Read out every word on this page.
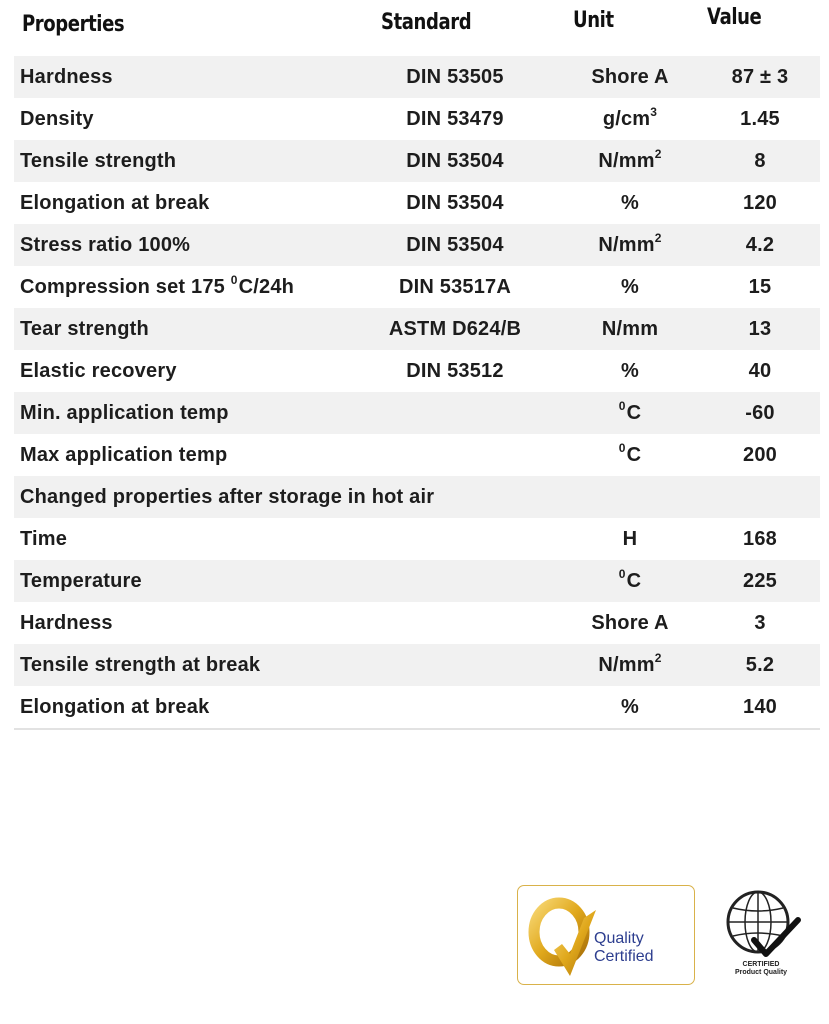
Properties	Standard	Unit	Value
Hardness	DIN 53505	Shore A	87 ± 3
Density	DIN 53479	$g/cm^3$	1.45
Tensile strength	DIN 53504	$N/mm^2$	8
Elongation at break	DIN 53504	%	120
Stress ratio 100%	DIN 53504	$N/mm^2$	4.2
Compression set 175 $^0$C/24h	DIN 53517A	%	15
Tear strength	ASTM D624/B	N/mm	13
Elastic recovery	DIN 53512	%	40
Min. application temp		$^0$C	-60
Max application temp		$^0$C	200
Changed properties after storage in hot air			
Time		H	168
Temperature		$^0$C	225
Hardness		Shore A	3
Tensile strength at break		$N/mm^2$	5.2
Elongation at break		%	140
Quality
Certified	CERTIFIED
Product Quality
